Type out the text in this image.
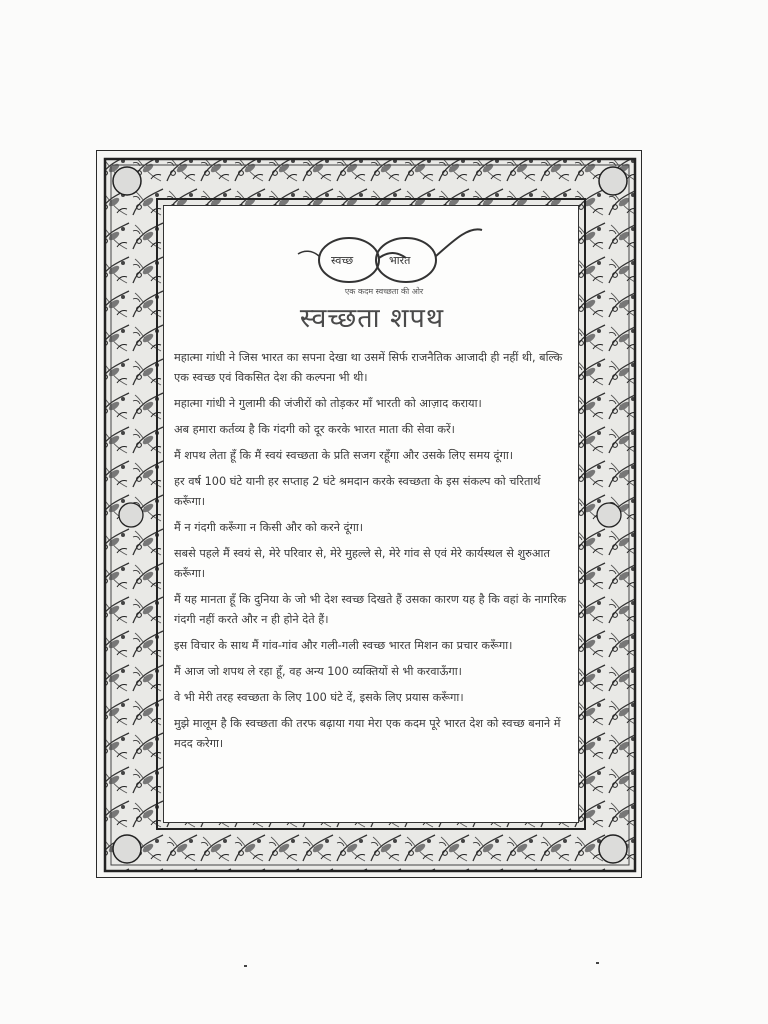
स्वच्छ	भारत
एक कदम स्वच्छता की ओर
स्वच्छता शपथ

महात्मा गांधी ने जिस भारत का सपना देखा था उसमें सिर्फ राजनैतिक आजादी ही नहीं थी, बल्कि एक स्वच्छ एवं विकसित देश की कल्पना भी थी।

महात्मा गांधी ने गुलामी की जंजीरों को तोड़कर माँ भारती को आज़ाद कराया।

अब हमारा कर्तव्य है कि गंदगी को दूर करके भारत माता की सेवा करें।

मैं शपथ लेता हूँ कि मैं स्वयं स्वच्छता के प्रति सजग रहूँगा और उसके लिए समय दूंगा।

हर वर्ष 100 घंटे यानी हर सप्ताह 2 घंटे श्रमदान करके स्वच्छता के इस संकल्प को चरितार्थ करूँगा।

मैं न गंदगी करूँगा न किसी और को करने दूंगा।

सबसे पहले मैं स्वयं से, मेरे परिवार से, मेरे मुहल्ले से, मेरे गांव से एवं मेरे कार्यस्थल से शुरुआत करूँगा।

मैं यह मानता हूँ कि दुनिया के जो भी देश स्वच्छ दिखते हैं उसका कारण यह है कि वहां के नागरिक गंदगी नहीं करते और न ही होने देते हैं।

इस विचार के साथ मैं गांव-गांव और गली-गली स्वच्छ भारत मिशन का प्रचार करूँगा।

मैं आज जो शपथ ले रहा हूँ, वह अन्य 100 व्यक्तियों से भी करवाऊँगा।

वे भी मेरी तरह स्वच्छता के लिए 100 घंटे दें, इसके लिए प्रयास करूँगा।

मुझे मालूम है कि स्वच्छता की तरफ बढ़ाया गया मेरा एक कदम पूरे भारत देश को स्वच्छ बनाने में मदद करेगा।
